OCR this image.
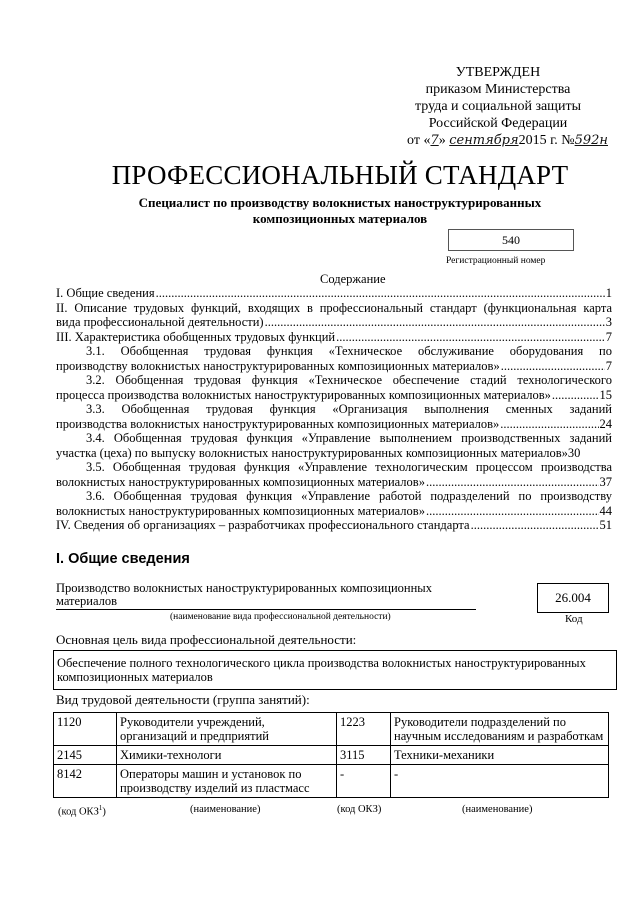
УТВЕРЖДЕН
приказом Министерства
труда и социальной защиты
Российской Федерации
от «7» сентября2015 г. №592н
ПРОФЕССИОНАЛЬНЫЙ СТАНДАРТ
Специалист по производству волокнистых наноструктурированных
композиционных материалов
540
Регистрационный номер
Содержание
I. Общие сведения .....	1
II. Описание трудовых функций, входящих в профессиональный стандарт (функциональная карта
вида профессиональной деятельности) .....	3
III. Характеристика обобщенных трудовых функций .....	7
3.1. Обобщенная трудовая функция «Техническое обслуживание оборудования по
производству волокнистых наноструктурированных композиционных материалов» .....	7
3.2. Обобщенная трудовая функция «Техническое обеспечение стадий технологического
процесса производства волокнистых наноструктурированных композиционных материалов» .....	15
3.3. Обобщенная трудовая функция «Организация выполнения сменных заданий
производства волокнистых наноструктурированных композиционных материалов» .....	24
3.4. Обобщенная трудовая функция «Управление выполнением производственных заданий
участка (цеха) по выпуску волокнистых наноструктурированных композиционных материалов» 30
3.5. Обобщенная трудовая функция «Управление технологическим процессом производства
волокнистых наноструктурированных композиционных материалов» .....	37
3.6. Обобщенная трудовая функция «Управление работой подразделений по производству
волокнистых наноструктурированных композиционных материалов» .....	44
IV. Сведения об организациях – разработчиках профессионального стандарта .....	51
I. Общие сведения
Производство волокнистых наноструктурированных композиционных
материалов	26.004
(наименование вида профессиональной деятельности)	Код
Основная цель вида профессиональной деятельности:
Обеспечение полного технологического цикла производства волокнистых наноструктурированных композиционных материалов
Вид трудовой деятельности (группа занятий):
1120	Руководители учреждений, организаций и предприятий	1223	Руководители подразделений по научным исследованиям и разработкам
2145	Химики-технологи	3115	Техники-механики
8142	Операторы машин и установок по производству изделий из пластмасс	-	-
(код ОКЗ$^1$)	(наименование)	(код ОКЗ)	(наименование)
